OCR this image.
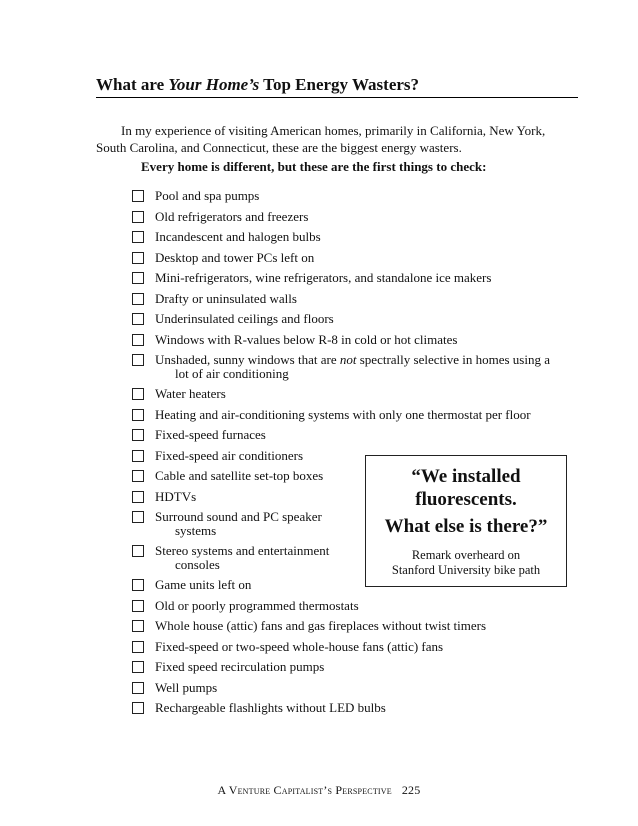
What are Your Home’s Top Energy Wasters?
In my experience of visiting American homes, primarily in California, New York, South Carolina, and Connecticut, these are the biggest energy wasters.
Every home is different, but these are the first things to check:
Pool and spa pumps
Old refrigerators and freezers
Incandescent and halogen bulbs
Desktop and tower PCs left on
Mini-refrigerators, wine refrigerators, and standalone ice makers
Drafty or uninsulated walls
Underinsulated ceilings and floors
Windows with R-values below R-8 in cold or hot climates
Unshaded, sunny windows that are not spectrally selective in homes using a
lot of air conditioning
Water heaters
Heating and air-conditioning systems with only one thermostat per floor
Fixed-speed furnaces
Fixed-speed air conditioners
Cable and satellite set-top boxes
HDTVs
Surround sound and PC speaker
systems
Stereo systems and entertainment
consoles
Game units left on
Old or poorly programmed thermostats
Whole house (attic) fans and gas fireplaces without twist timers
Fixed-speed or two-speed whole-house fans (attic) fans
Fixed speed recirculation pumps
Well pumps
Rechargeable flashlights without LED bulbs
“We installed
fluorescents.
What else is there?”
Remark overheard on
Stanford University bike path
A Venture Capitalist’s Perspective 225
